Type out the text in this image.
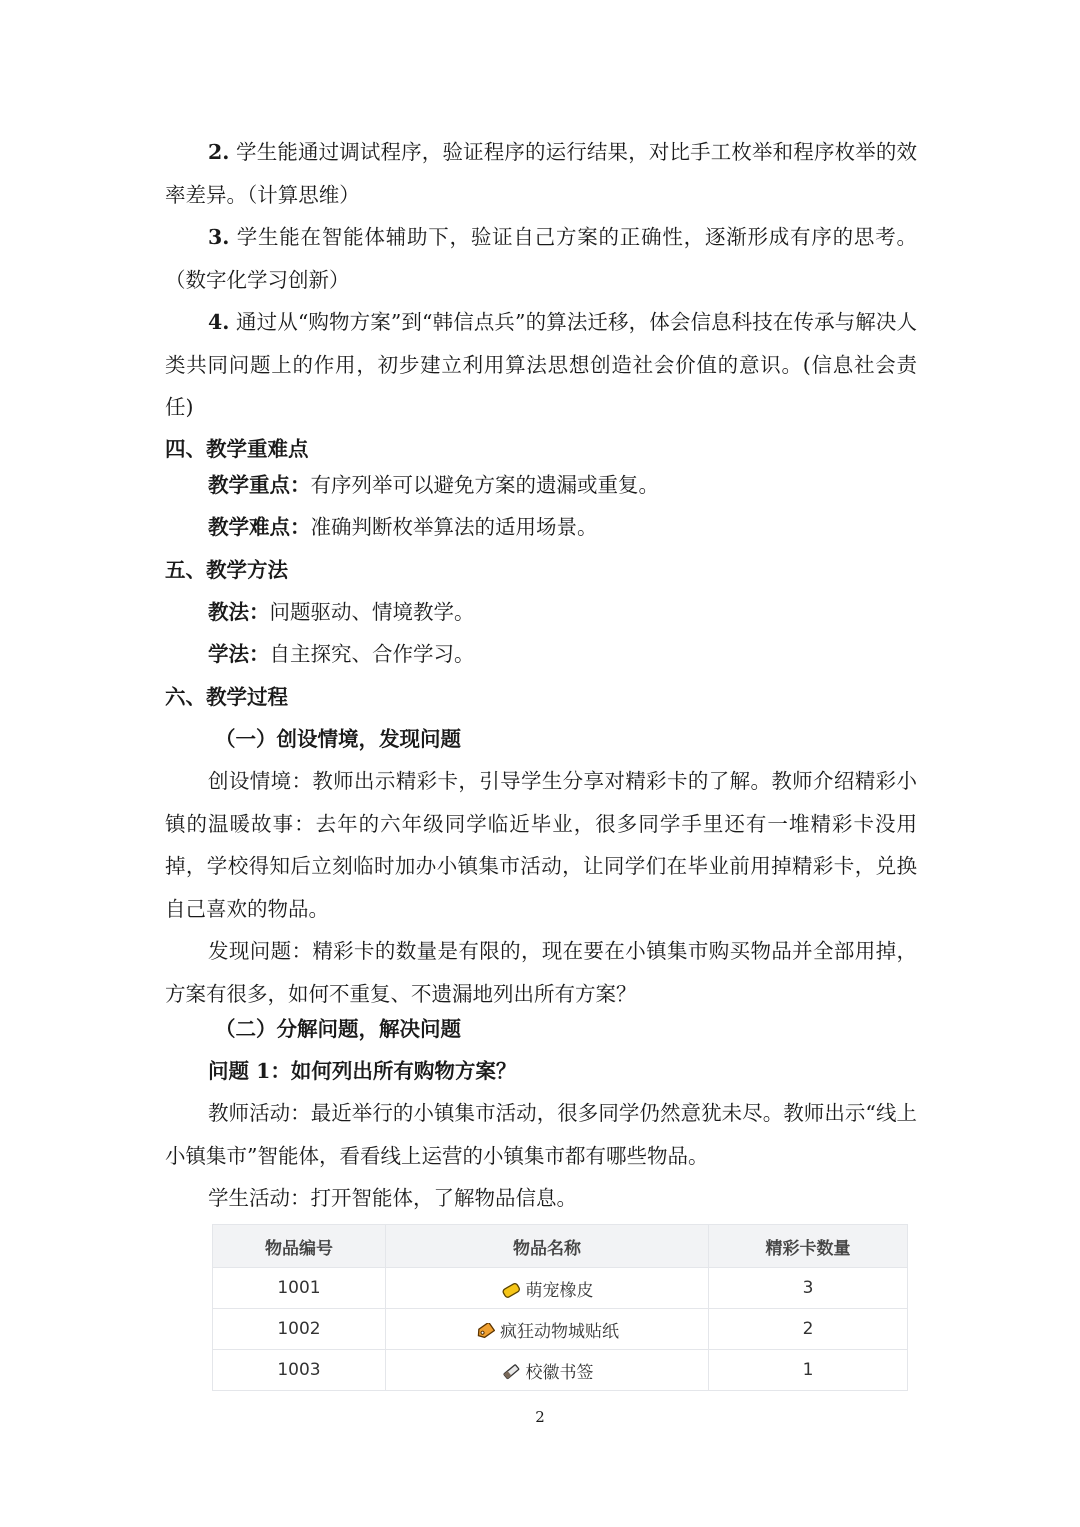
2. 学生能通过调试程序，验证程序的运行结果，对比手工枚举和程序枚举的效率差异。（计算思维）

3. 学生能在智能体辅助下，验证自己方案的正确性，逐渐形成有序的思考。（数字化学习创新）

4. 通过从“购物方案”到“韩信点兵”的算法迁移，体会信息科技在传承与解决人类共同问题上的作用，初步建立利用算法思想创造社会价值的意识。(信息社会责任)

四、教学重难点

教学重点：有序列举可以避免方案的遗漏或重复。

教学难点：准确判断枚举算法的适用场景。

五、教学方法

教法：问题驱动、情境教学。

学法：自主探究、合作学习。

六、教学过程

（一）创设情境，发现问题

创设情境：教师出示精彩卡，引导学生分享对精彩卡的了解。教师介绍精彩小镇的温暖故事：去年的六年级同学临近毕业，很多同学手里还有一堆精彩卡没用掉，学校得知后立刻临时加办小镇集市活动，让同学们在毕业前用掉精彩卡，兑换自己喜欢的物品。

发现问题：精彩卡的数量是有限的，现在要在小镇集市购买物品并全部用掉，方案有很多，如何不重复、不遗漏地列出所有方案？

（二）分解问题，解决问题

问题 1：如何列出所有购物方案？

教师活动：最近举行的小镇集市活动，很多同学仍然意犹未尽。教师出示“线上小镇集市”智能体，看看线上运营的小镇集市都有哪些物品。

学生活动：打开智能体，了解物品信息。

物品编号	物品名称	精彩卡数量
1001	萌宠橡皮	3
1002	疯狂动物城贴纸	2
1003	校徽书签	1
2
